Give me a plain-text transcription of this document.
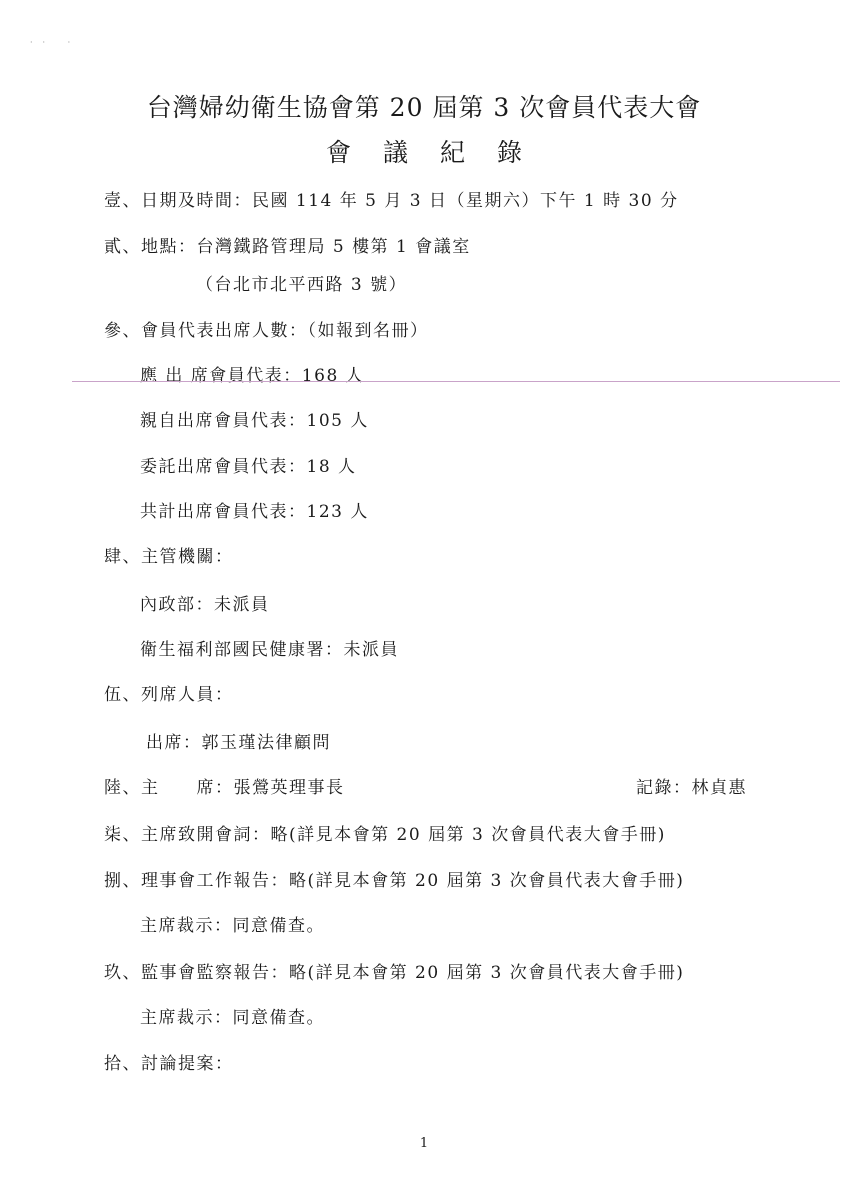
·· ·
台灣婦幼衛生協會第 20 屆第 3 次會員代表大會
會議紀錄
壹、日期及時間：民國 114 年 5 月 3 日（星期六）下午 1 時 30 分
貳、地點：台灣鐵路管理局 5 樓第 1 會議室
（台北市北平西路 3 號）
參、會員代表出席人數：（如報到名冊）
應 出 席會員代表：168 人
親自出席會員代表：105 人
委託出席會員代表：18 人
共計出席會員代表：123 人
肆、主管機關：
內政部：未派員
衛生福利部國民健康署：未派員
伍、列席人員：
出席：郭玉瑾法律顧問
陸、主　　席：張鶯英理事長	記錄：林貞惠
柒、主席致開會詞：略(詳見本會第 20 屆第 3 次會員代表大會手冊)
捌、理事會工作報告：略(詳見本會第 20 屆第 3 次會員代表大會手冊)
主席裁示：同意備查。
玖、監事會監察報告：略(詳見本會第 20 屆第 3 次會員代表大會手冊)
主席裁示：同意備查。
拾、討論提案：
1
